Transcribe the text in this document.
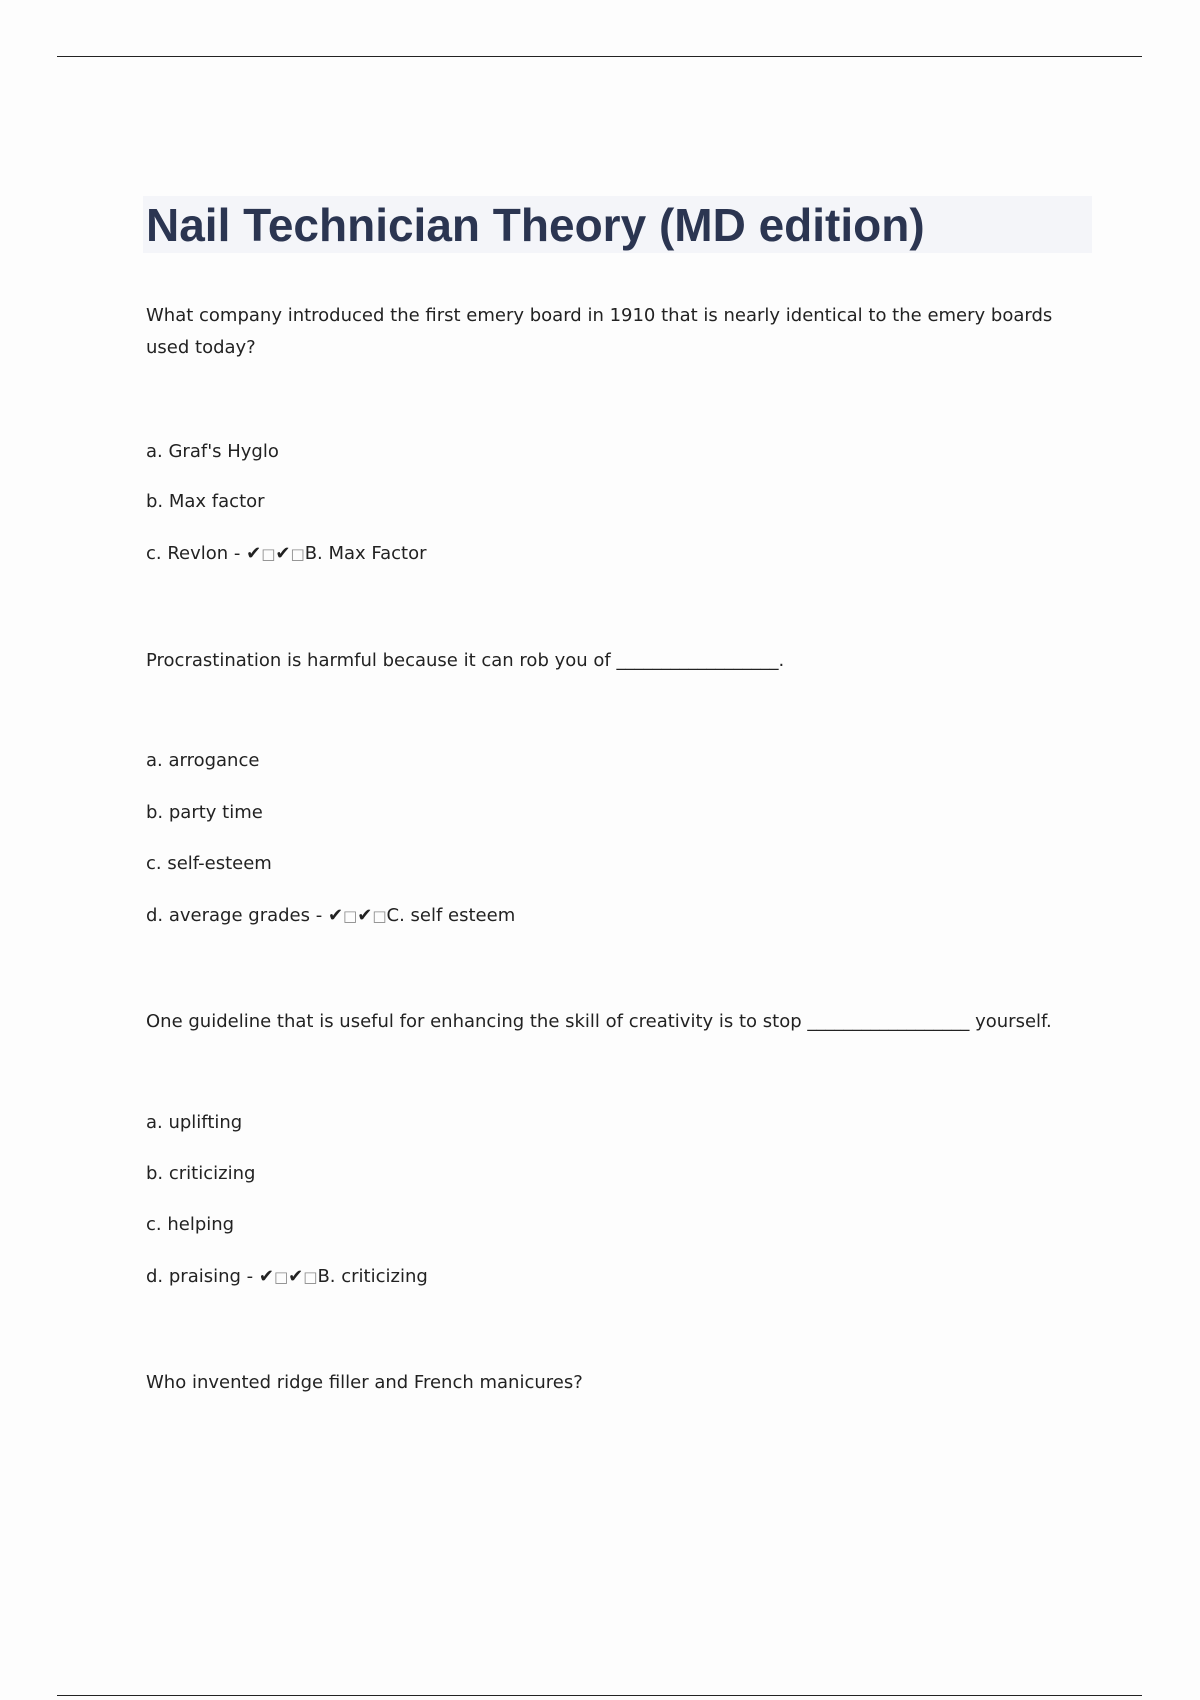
Nail Technician Theory (MD edition)

What company introduced the first emery board in 1910 that is nearly identical to the emery boards used today?

a. Graf's Hyglo
b. Max factor
c. Revlon - ✔□✔□B. Max Factor

Procrastination is harmful because it can rob you of __________________.

a. arrogance
b. party time
c. self-esteem
d. average grades - ✔□✔□C. self esteem

One guideline that is useful for enhancing the skill of creativity is to stop __________________ yourself.

a. uplifting
b. criticizing
c. helping
d. praising - ✔□✔□B. criticizing

Who invented ridge filler and French manicures?
